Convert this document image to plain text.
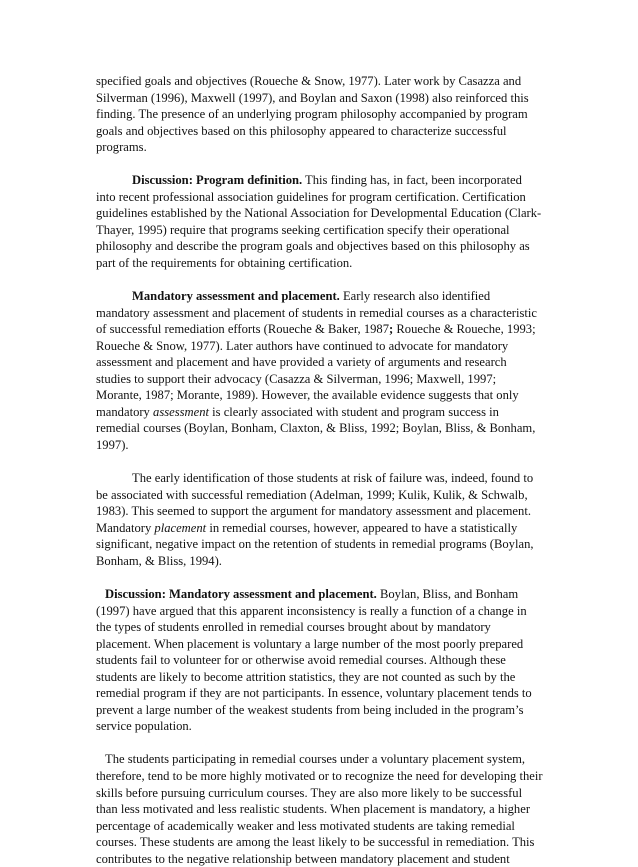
specified goals and objectives (Roueche & Snow, 1977). Later work by Casazza and Silverman (1996), Maxwell (1997), and Boylan and Saxon (1998) also reinforced this finding. The presence of an underlying program philosophy accompanied by program goals and objectives based on this philosophy appeared to characterize successful programs.

Discussion: Program definition. This finding has, in fact, been incorporated into recent professional association guidelines for program certification. Certification guidelines established by the National Association for Developmental Education (Clark-Thayer, 1995) require that programs seeking certification specify their operational philosophy and describe the program goals and objectives based on this philosophy as part of the requirements for obtaining certification.

Mandatory assessment and placement. Early research also identified mandatory assessment and placement of students in remedial courses as a characteristic of successful remediation efforts (Roueche & Baker, 1987; Roueche & Roueche, 1993; Roueche & Snow, 1977). Later authors have continued to advocate for mandatory assessment and placement and have provided a variety of arguments and research studies to support their advocacy (Casazza & Silverman, 1996; Maxwell, 1997; Morante, 1987; Morante, 1989). However, the available evidence suggests that only mandatory assessment is clearly associated with student and program success in remedial courses (Boylan, Bonham, Claxton, & Bliss, 1992; Boylan, Bliss, & Bonham, 1997).

The early identification of those students at risk of failure was, indeed, found to be associated with successful remediation (Adelman, 1999; Kulik, Kulik, & Schwalb, 1983). This seemed to support the argument for mandatory assessment and placement. Mandatory placement in remedial courses, however, appeared to have a statistically significant, negative impact on the retention of students in remedial programs (Boylan, Bonham, & Bliss, 1994).

Discussion: Mandatory assessment and placement. Boylan, Bliss, and Bonham (1997) have argued that this apparent inconsistency is really a function of a change in the types of students enrolled in remedial courses brought about by mandatory placement. When placement is voluntary a large number of the most poorly prepared students fail to volunteer for or otherwise avoid remedial courses. Although these students are likely to become attrition statistics, they are not counted as such by the remedial program if they are not participants. In essence, voluntary placement tends to prevent a large number of the weakest students from being included in the program’s service population.

The students participating in remedial courses under a voluntary placement system, therefore, tend to be more highly motivated or to recognize the need for developing their skills before pursuing curriculum courses. They are also more likely to be successful than less motivated and less realistic students. When placement is mandatory, a higher percentage of academically weaker and less motivated students are taking remedial courses. These students are among the least likely to be successful in remediation. This contributes to the negative relationship between mandatory placement and student
